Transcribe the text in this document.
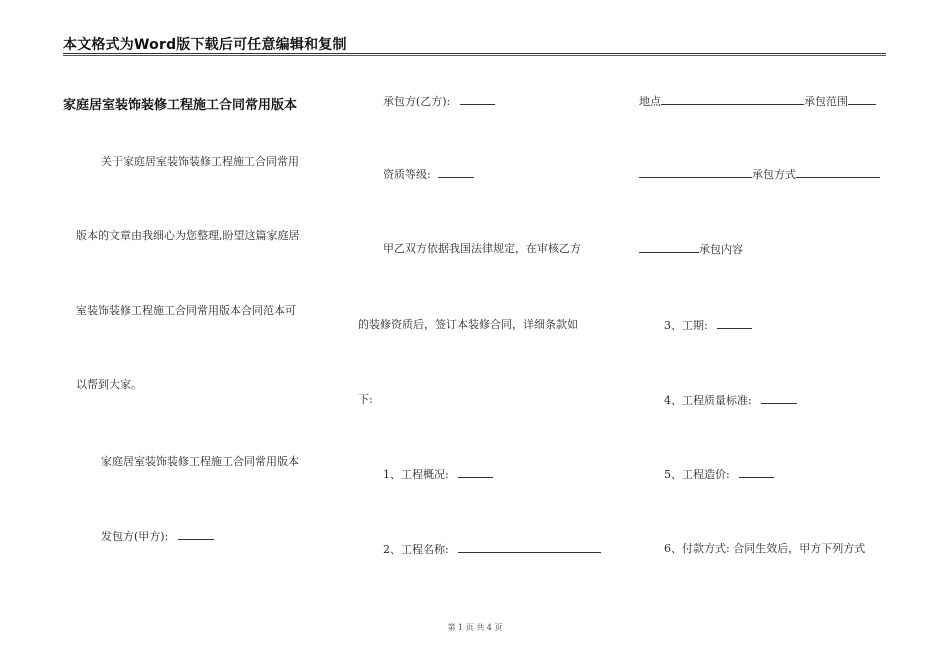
本文格式为Word版下载后可任意编辑和复制
家庭居室装饰装修工程施工合同常用版本
关于家庭居室装饰装修工程施工合同常用
版本的文章由我细心为您整理,盼望这篇家庭居
室装饰装修工程施工合同常用版本合同范本可
以帮到大家。
家庭居室装饰装修工程施工合同常用版本
发包方(甲方):
承包方(乙方):
资质等级:
甲乙双方依据我国法律规定，在审核乙方
的装修资质后，签订本装修合同，详细条款如
下:
1、工程概况:
2、工程名称:
地点	承包范围
承包方式
承包内容
3、工期:
4、工程质量标准:
5、工程造价:
6、付款方式: 合同生效后，甲方下列方式
第 1 页 共 4 页
